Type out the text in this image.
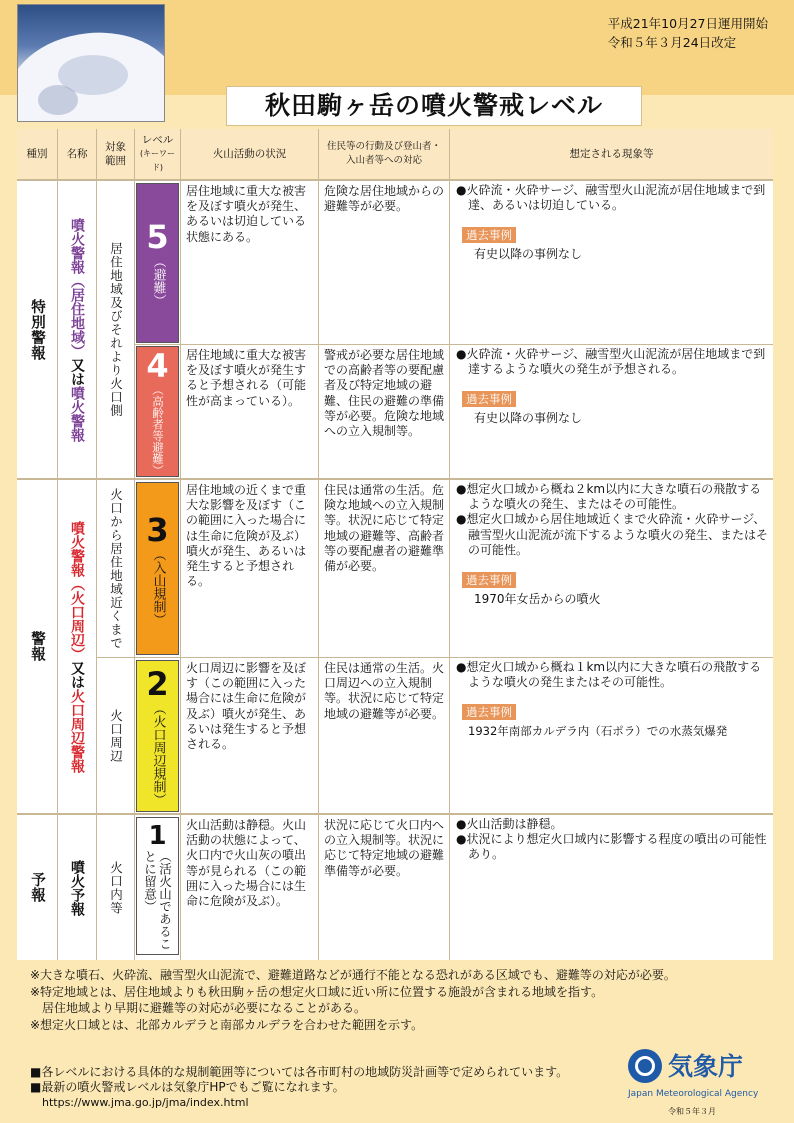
平成21年10月27日運用開始
令和５年３月24日改定
秋田駒ヶ岳の噴火警戒レベル
種別	名称
対象範囲
レベル
(キーワード)
火山活動の状況
住民等の行動及び登山者・入山者等への対応
想定される現象等
特別警報
警報
予報
噴火警報
（居住地域）
又は
噴火警報
噴火警報
（火口周辺）
又は
火口周辺警報
噴火予報
居住地域及びそれより火口側
火口から居住地域近くまで
火口周辺
火口内等
5
（避難）
4
（高齢者等避難）
3
（入山規制）
2
（火口周辺規制）
1
（活火山であることに留意）
居住地域に重大な被害を及ぼす噴火が発生、あるいは切迫している状態にある。
危険な居住地域からの避難等が必要。

●火砕流・火砕サージ、融雪型火山泥流が居住地域まで到達、あるいは切迫している。

過去事例
有史以降の事例なし
居住地域に重大な被害を及ぼす噴火が発生すると予想される（可能性が高まっている）。
警戒が必要な居住地域での高齢者等の要配慮者及び特定地域の避難、住民の避難の準備等が必要。危険な地域への立入規制等。

●火砕流・火砕サージ、融雪型火山泥流が居住地域まで到達するような噴火の発生が予想される。

過去事例
有史以降の事例なし
居住地域の近くまで重大な影響を及ぼす（この範囲に入った場合には生命に危険が及ぶ）噴火が発生、あるいは発生すると予想される。
住民は通常の生活。危険な地域への立入規制等。状況に応じて特定地域の避難等、高齢者等の要配慮者の避難準備が必要。

●想定火口域から概ね２km以内に大きな噴石の飛散するような噴火の発生、またはその可能性。

●想定火口域から居住地域近くまで火砕流・火砕サージ、融雪型火山泥流が流下するような噴火の発生、またはその可能性。

過去事例
1970年女岳からの噴火
火口周辺に影響を及ぼす（この範囲に入った場合には生命に危険が及ぶ）噴火が発生、あるいは発生すると予想される。
住民は通常の生活。火口周辺への立入規制等。状況に応じて特定地域の避難等が必要。

●想定火口域から概ね１km以内に大きな噴石の飛散するような噴火の発生またはその可能性。

過去事例
1932年南部カルデラ内（石ポラ）での水蒸気爆発
火山活動は静穏。火山活動の状態によって、火口内で火山灰の噴出等が見られる（この範囲に入った場合には生命に危険が及ぶ）。
状況に応じて火口内への立入規制等。状況に応じて特定地域の避難準備等が必要。

●火山活動は静穏。

●状況により想定火口域内に影響する程度の噴出の可能性あり。

※大きな噴石、火砕流、融雪型火山泥流で、避難道路などが通行不能となる恐れがある区域でも、避難等の対応が必要。
※特定地域とは、居住地域よりも秋田駒ヶ岳の想定火口域に近い所に位置する施設が含まれる地域を指す。
　居住地域より早期に避難等の対応が必要になることがある。
※想定火口域とは、北部カルデラと南部カルデラを合わせた範囲を示す。
■各レベルにおける具体的な規制範囲等については各市町村の地域防災計画等で定められています。
■最新の噴火警戒レベルは気象庁HPでもご覧になれます。
https://www.jma.go.jp/jma/index.html
気象庁
Japan Meteorological Agency
令和５年３月
